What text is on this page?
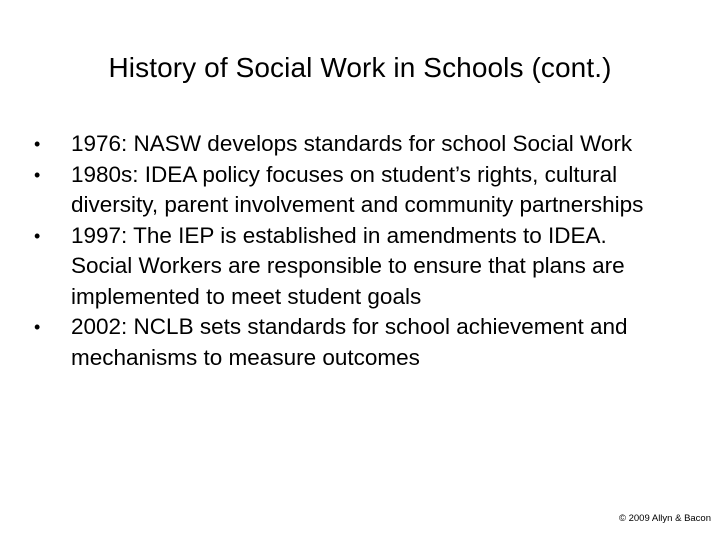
History of Social Work in Schools (cont.)
•	1976: NASW develops standards for school Social Work
•	1980s: IDEA policy focuses on student’s rights, cultural diversity, parent involvement and community partnerships
•	1997: The IEP is established in amendments to IDEA. Social Workers are responsible to ensure that plans are implemented to meet student goals
•	2002: NCLB sets standards for school achievement and mechanisms to measure outcomes
© 2009 Allyn & Bacon
